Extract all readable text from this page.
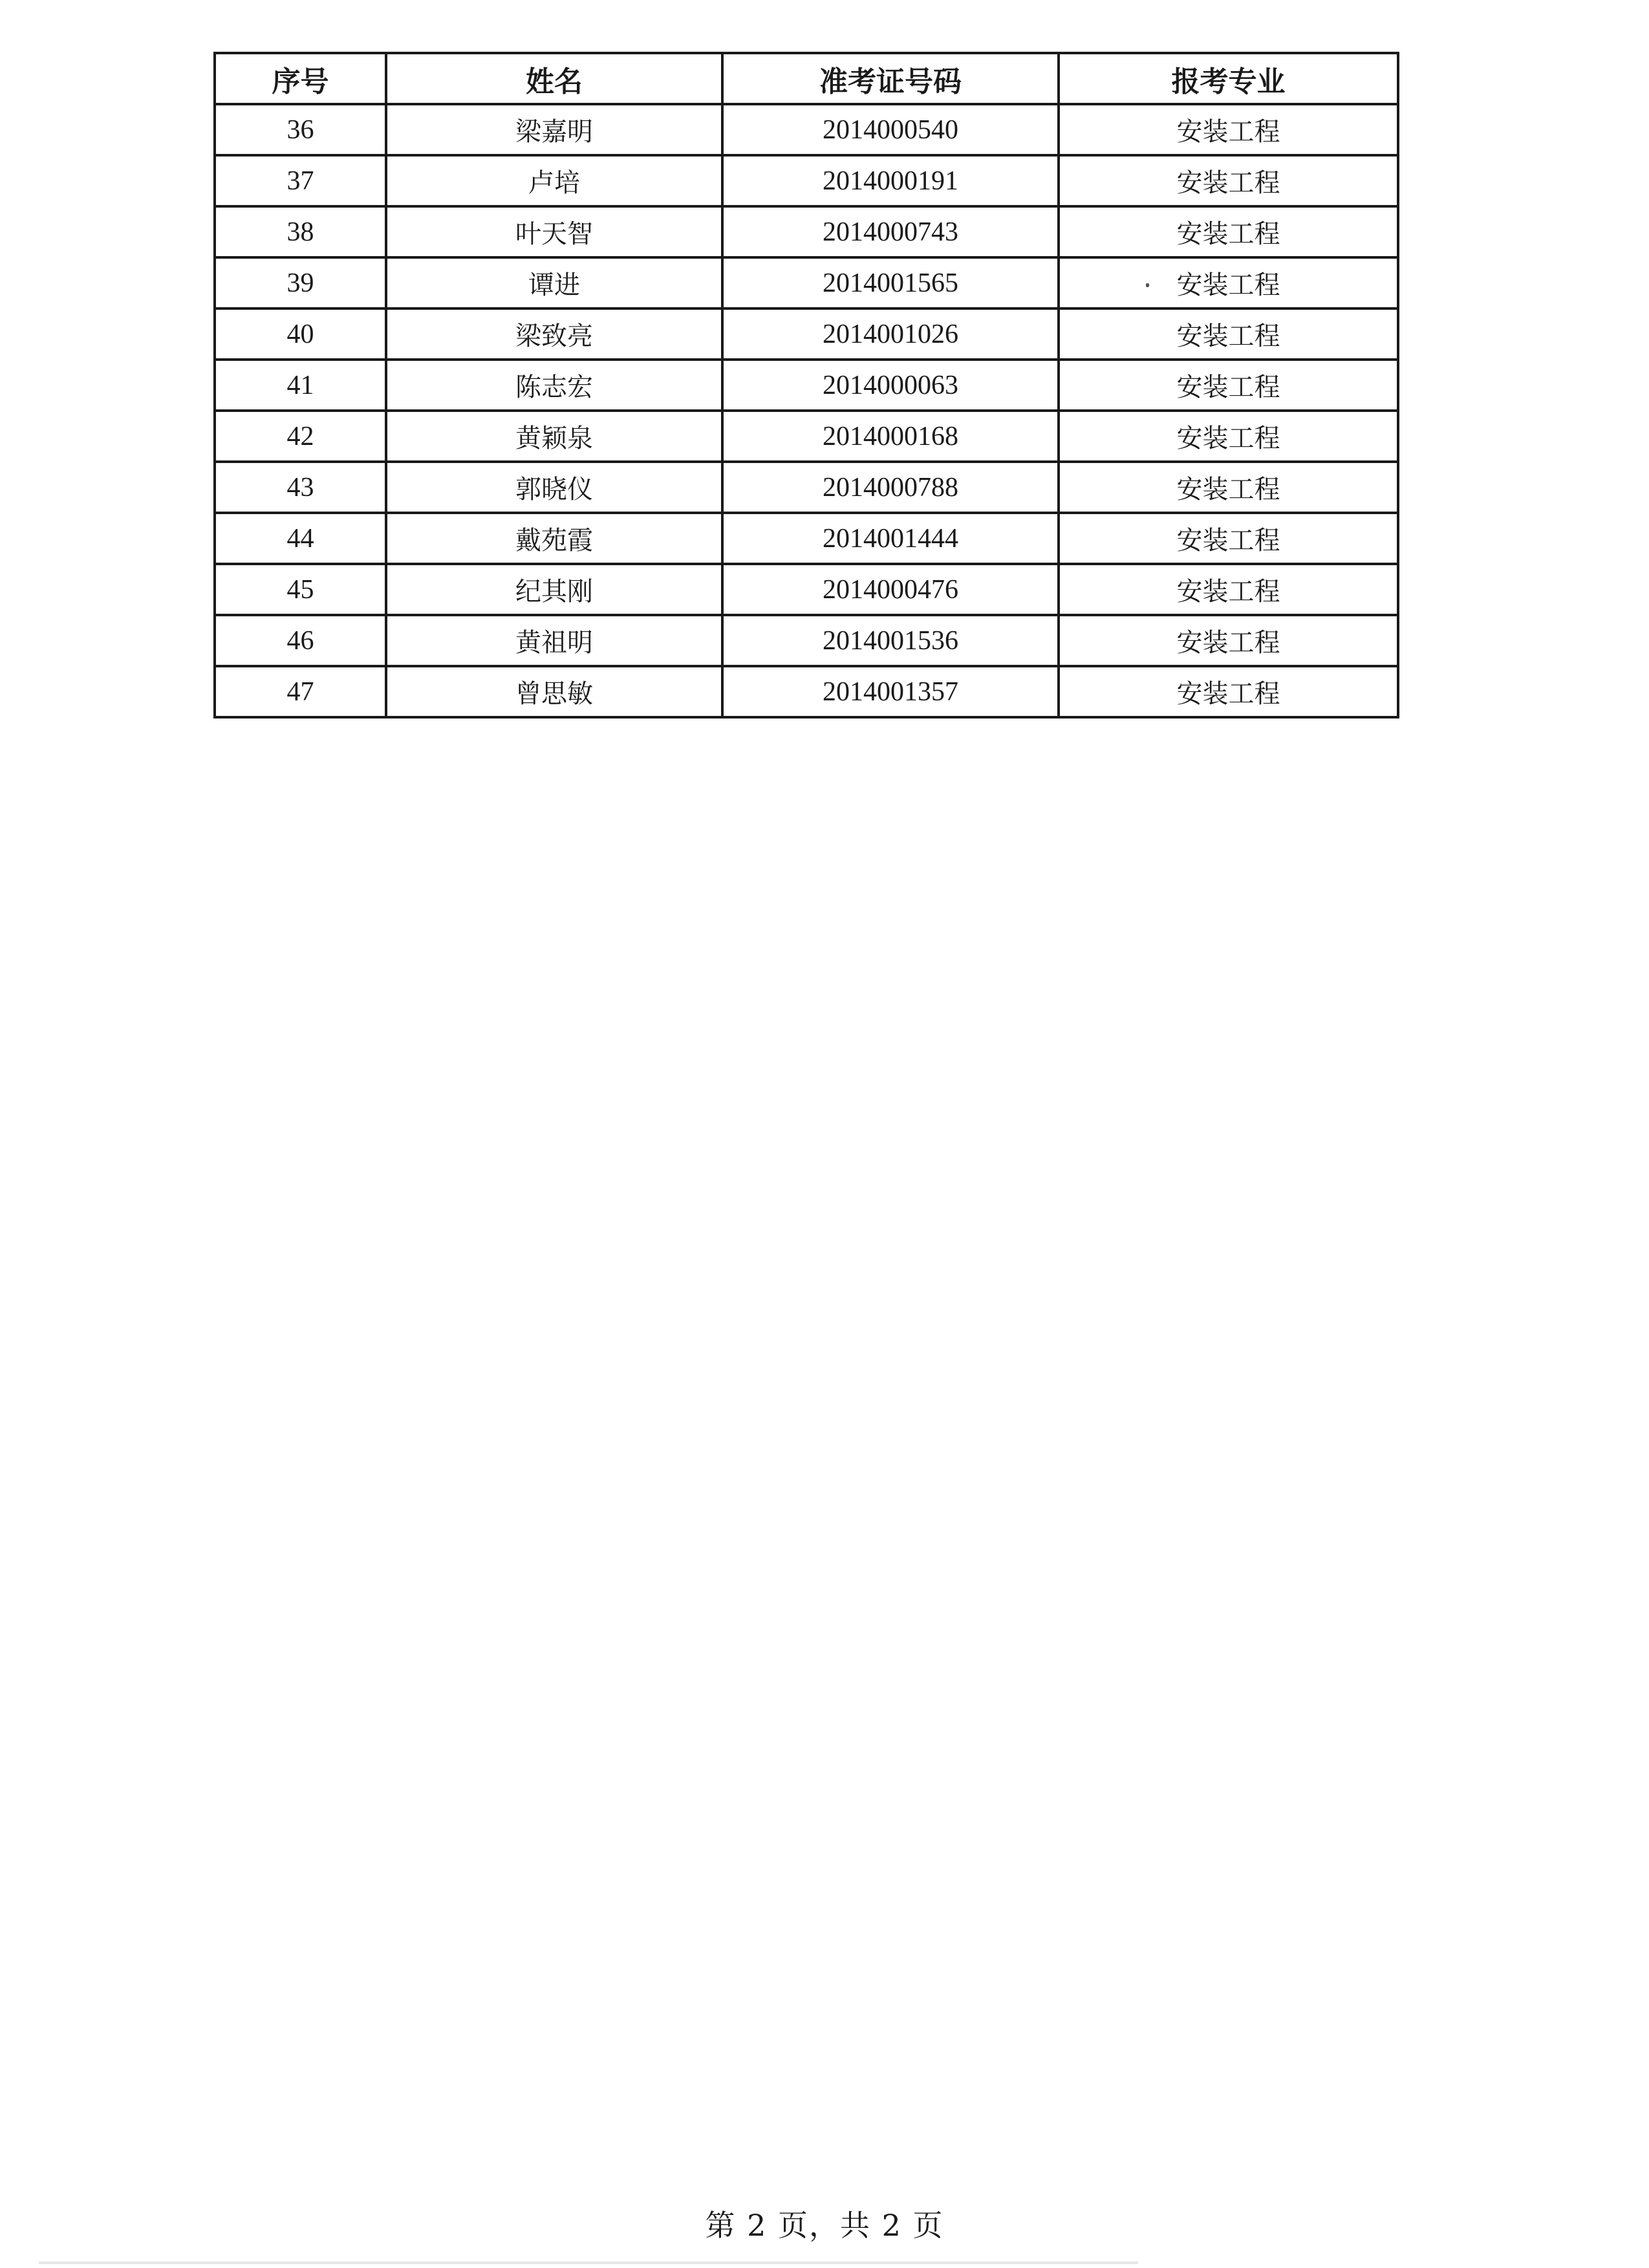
序号	姓名	准考证号码	报考专业
36	梁嘉明	2014000540	安装工程
37	卢培	2014000191	安装工程
38	叶天智	2014000743	安装工程
39	谭进	2014001565	安装工程
40	梁致亮	2014001026	安装工程
41	陈志宏	2014000063	安装工程
42	黄颖泉	2014000168	安装工程
43	郭晓仪	2014000788	安装工程
44	戴苑霞	2014001444	安装工程
45	纪其刚	2014000476	安装工程
46	黄祖明	2014001536	安装工程
47	曾思敏	2014001357	安装工程
第 2 页，共 2 页
